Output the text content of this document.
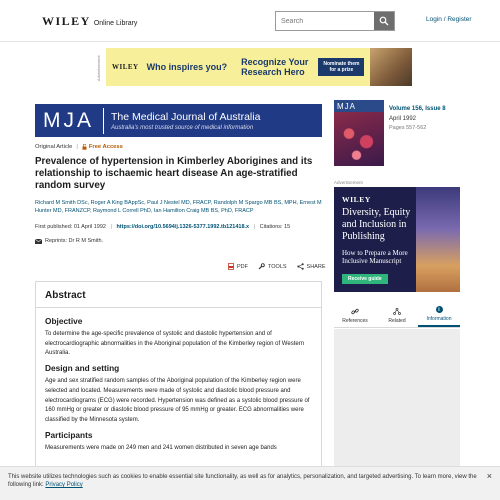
WILEY Online Library
Search
Login / Register
Advertisement	WILEY Who inspires you? Recognize Your
Research Hero
Nominate them
for a prize
MJA The Medical Journal of Australia
Australia's most trusted source of medical information
Original Article | Free Access
Prevalence of hypertension in Kimberley Aborigines and its relationship to ischaemic heart disease An age-stratified random survey
Richard M Smith DSc, Roger A King BAppSc, Paul J Nestel MD, FRACP, Randolph M Spargo MB BS, MPH, Ernest M Hunter MD, FRANZCP, Raymond L Correll PhD, Ian Hamilton Craig MB BS, PhD, FRACP
First published: 01 April 1992 | https://doi.org/10.5694/j.1326-5377.1992.tb121418.x | Citations: 15
Reprints: Dr R M Smith.
PDF	TOOLS	SHARE
Abstract
Objective

To determine the age-specific prevalence of systolic and diastolic hypertension and of electrocardiographic abnormalities in the Aboriginal population of the Kimberley region of Western Australia.

Design and setting

Age and sex stratified random samples of the Aboriginal population of the Kimberley region were selected and located. Measurements were made of systolic and diastolic blood pressure and electrocardiograms (ECG) were recorded. Hypertension was defined as a systolic blood pressure of 160 mmHg or greater or diastolic blood pressure of 95 mmHg or greater. ECG abnormalities were classified by the Minnesota system.

Participants

Measurements were made on 249 men and 241 women distributed in seven age bands

MJA	Volume 156, Issue 8
April 1992
Pages 557-562
Advertisement
WILEY
Diversity, Equity and Inclusion in Publishing
How to Prepare a More Inclusive Manuscript
Receive guide
References	Related
i
Information
This website utilizes technologies such as cookies to enable essential site functionality, as well as for analytics, personalization, and targeted advertising. To learn more, view the following link: Privacy Policy
×
